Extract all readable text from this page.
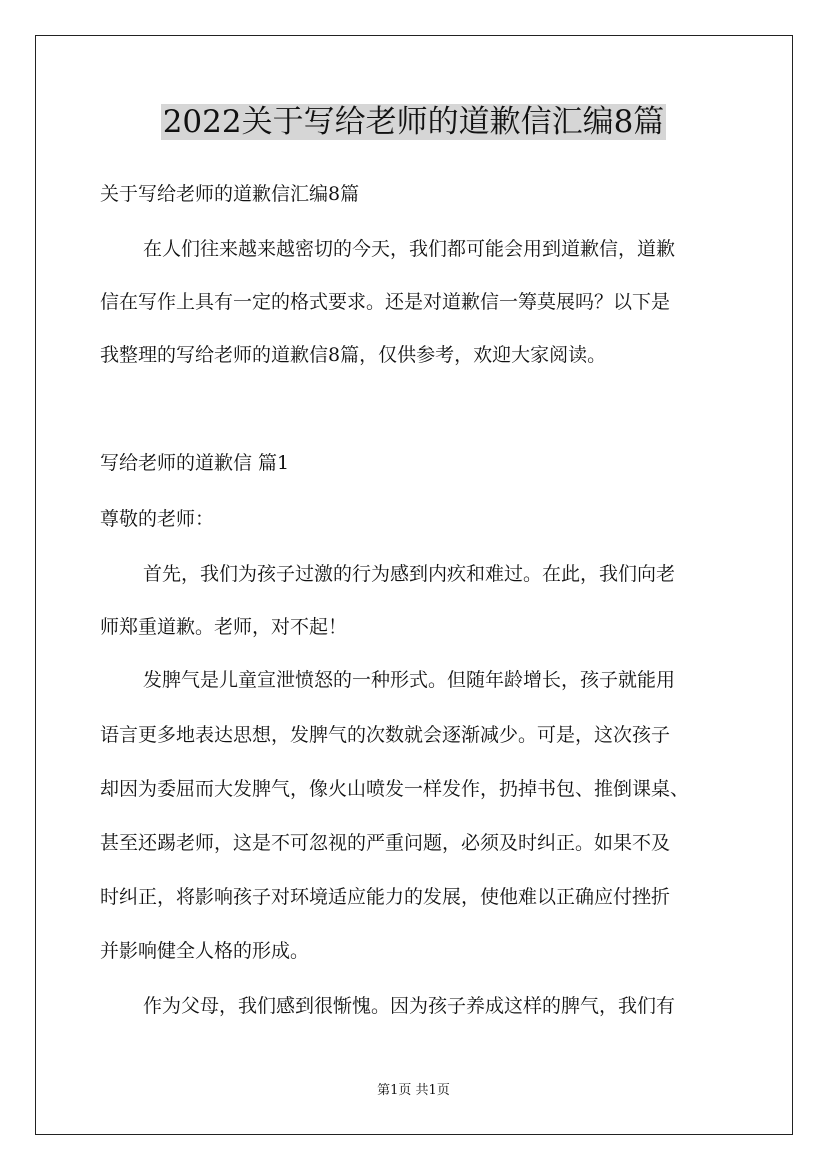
2022关于写给老师的道歉信汇编8篇
关于写给老师的道歉信汇编8篇
在人们往来越来越密切的今天，我们都可能会用到道歉信，道歉
信在写作上具有一定的格式要求。还是对道歉信一筹莫展吗？以下是
我整理的写给老师的道歉信8篇，仅供参考，欢迎大家阅读。
写给老师的道歉信 篇1
尊敬的老师：
首先，我们为孩子过激的行为感到内疚和难过。在此，我们向老
师郑重道歉。老师，对不起！
发脾气是儿童宣泄愤怒的一种形式。但随年龄增长，孩子就能用
语言更多地表达思想，发脾气的次数就会逐渐减少。可是，这次孩子
却因为委屈而大发脾气，像火山喷发一样发作，扔掉书包、推倒课桌、
甚至还踢老师，这是不可忽视的严重问题，必须及时纠正。如果不及
时纠正，将影响孩子对环境适应能力的发展，使他难以正确应付挫折
并影响健全人格的形成。
作为父母，我们感到很惭愧。因为孩子养成这样的脾气，我们有
第1页 共1页
